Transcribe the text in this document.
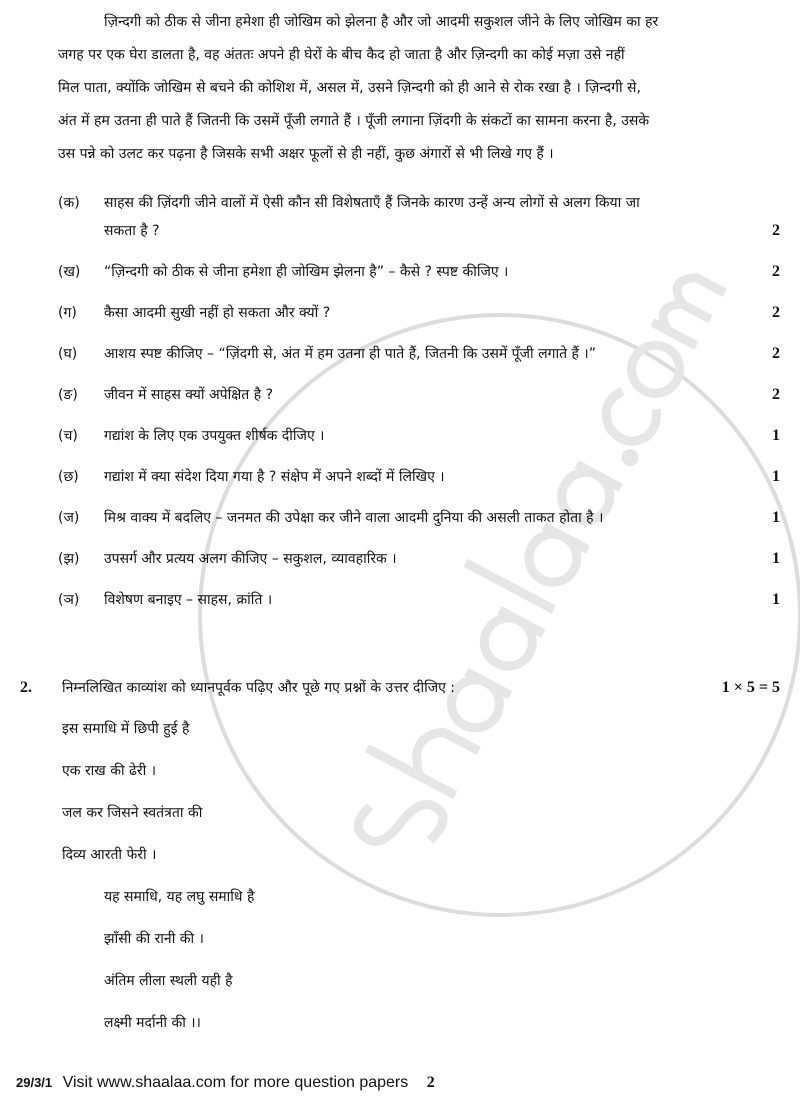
ज़िन्दगी को ठीक से जीना हमेशा ही जोखिम को झेलना है और जो आदमी सकुशल जीने के लिए जोखिम का हर
जगह पर एक घेरा डालता है, वह अंततः अपने ही घेरों के बीच कैद हो जाता है और ज़िन्दगी का कोई मज़ा उसे नहीं
मिल पाता, क्योंकि जोखिम से बचने की कोशिश में, असल में, उसने ज़िन्दगी को ही आने से रोक रखा है । ज़िन्दगी से,
अंत में हम उतना ही पाते हैं जितनी कि उसमें पूँजी लगाते हैं । पूँजी लगाना ज़िंदगी के संकटों का सामना करना है, उसके
उस पन्ने को उलट कर पढ़ना है जिसके सभी अक्षर फूलों से ही नहीं, कुछ अंगारों से भी लिखे गए हैं ।
(क)	साहस की ज़िंदगी जीने वालों में ऐसी कौन सी विशेषताएँ हैं जिनके कारण उन्हें अन्य लोगों से अलग किया जा
सकता है ?	2
(ख)	“ज़िन्दगी को ठीक से जीना हमेशा ही जोखिम झेलना है” – कैसे ? स्पष्ट कीजिए ।	2
(ग)	कैसा आदमी सुखी नहीं हो सकता और क्यों ?	2
(घ)	आशय स्पष्ट कीजिए – “ज़िंदगी से, अंत में हम उतना ही पाते हैं, जितनी कि उसमें पूँजी लगाते हैं ।”	2
(ङ)	जीवन में साहस क्यों अपेक्षित है ?	2
(च)	गद्यांश के लिए एक उपयुक्त शीर्षक दीजिए ।	1
(छ)	गद्यांश में क्या संदेश दिया गया है ? संक्षेप में अपने शब्दों में लिखिए ।	1
(ज)	मिश्र वाक्य में बदलिए – जनमत की उपेक्षा कर जीने वाला आदमी दुनिया की असली ताकत होता है ।	1
(झ)	उपसर्ग और प्रत्यय अलग कीजिए – सकुशल, व्यावहारिक ।	1
(ञ)	विशेषण बनाइए – साहस, क्रांति ।	1
2.	निम्नलिखित काव्यांश को ध्यानपूर्वक पढ़िए और पूछे गए प्रश्नों के उत्तर दीजिए :	1 × 5 = 5
इस समाधि में छिपी हुई है
एक राख की ढेरी ।
जल कर जिसने स्वतंत्रता की
दिव्य आरती फेरी ।
यह समाधि, यह लघु समाधि है
झाँसी की रानी की ।
अंतिम लीला स्थली यही है
लक्ष्मी मर्दानी की ।।
29/3/1 Visit www.shaalaa.com for more question papers 2
